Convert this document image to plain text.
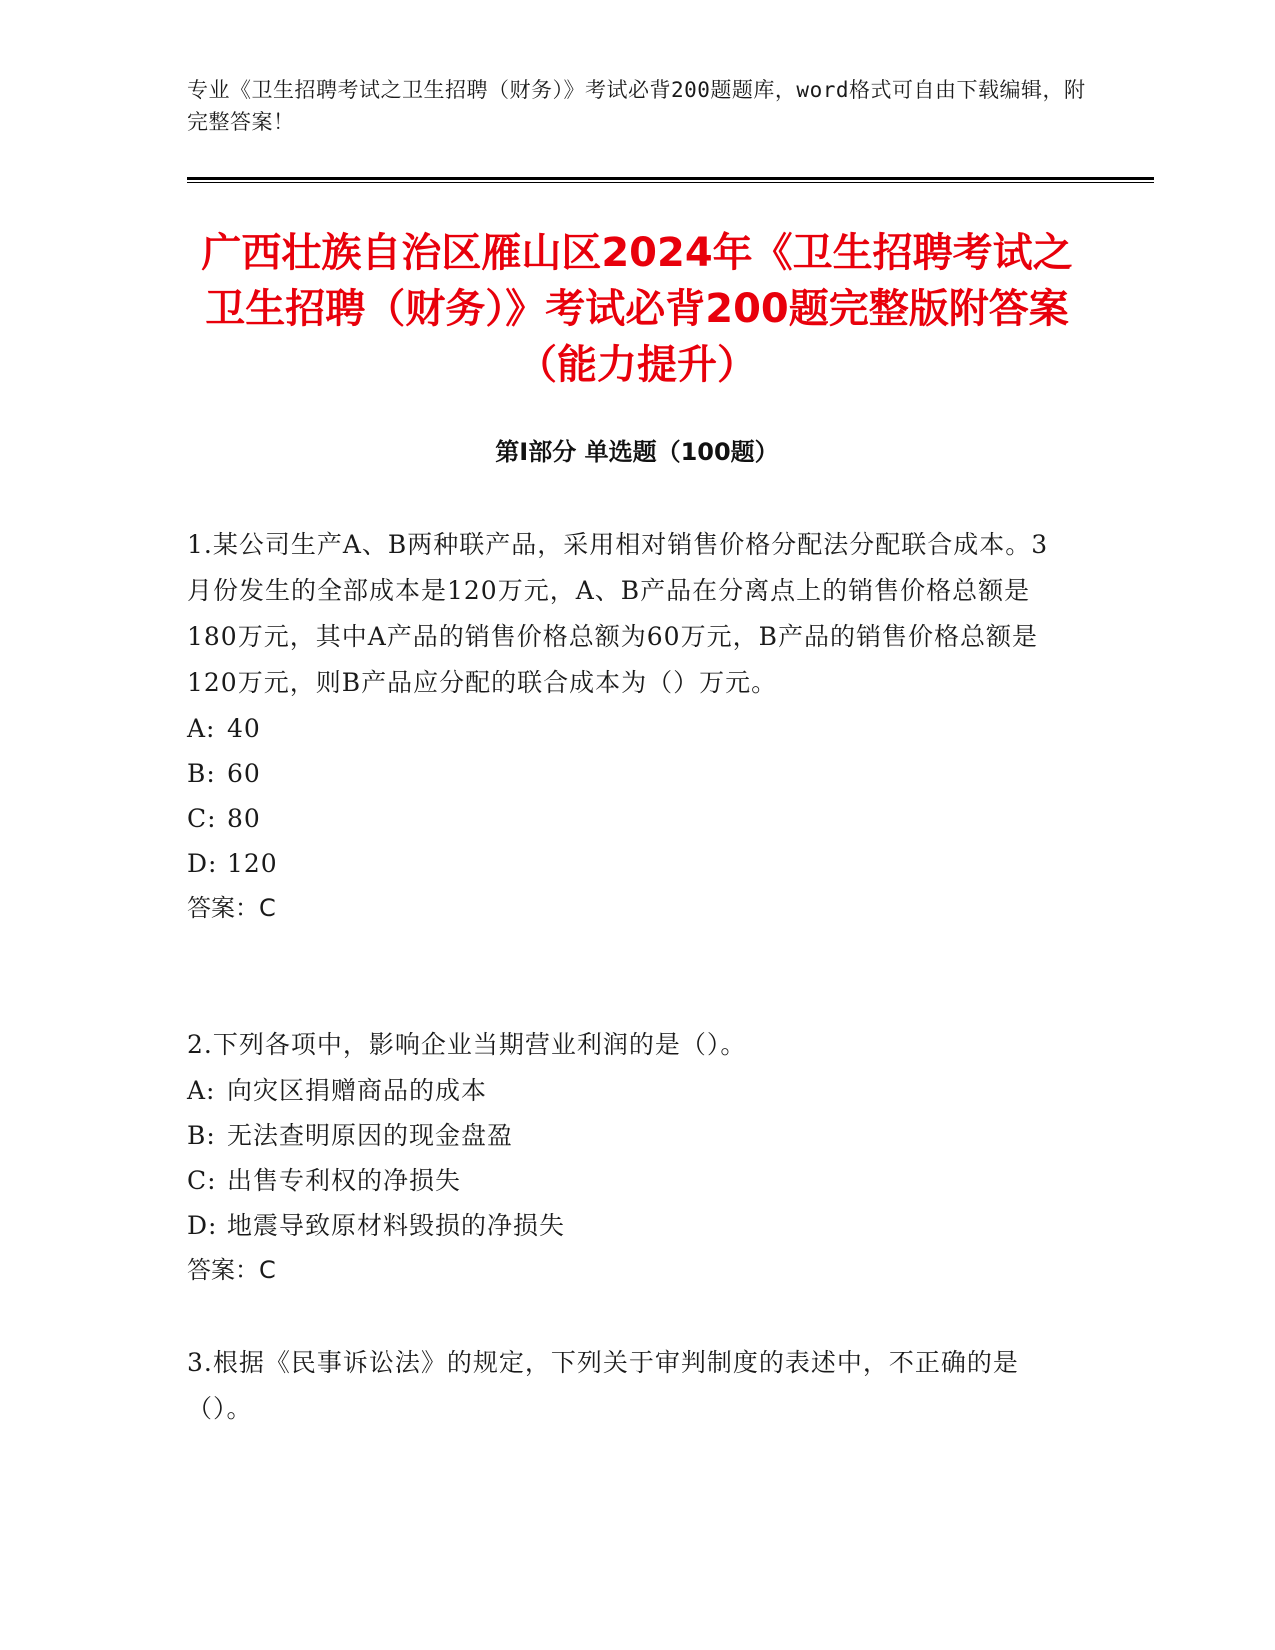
专业《卫生招聘考试之卫生招聘（财务）》考试必背200题题库，word格式可自由下载编辑，附完整答案！
广西壮族自治区雁山区2024年《卫生招聘考试之卫生招聘（财务）》考试必背200题完整版附答案（能力提升）
第Ⅰ部分 单选题（100题）

1.某公司生产A、B两种联产品，采用相对销售价格分配法分配联合成本。3月份发生的全部成本是120万元，A、B产品在分离点上的销售价格总额是180万元，其中A产品的销售价格总额为60万元，B产品的销售价格总额是120万元，则B产品应分配的联合成本为（）万元。

A: 40

B: 60

C: 80

D: 120

答案：C

2.下列各项中，影响企业当期营业利润的是（）。

A: 向灾区捐赠商品的成本

B: 无法查明原因的现金盘盈

C: 出售专利权的净损失

D: 地震导致原材料毁损的净损失

答案：C

3.根据《民事诉讼法》的规定，下列关于审判制度的表述中，不正确的是（）。
